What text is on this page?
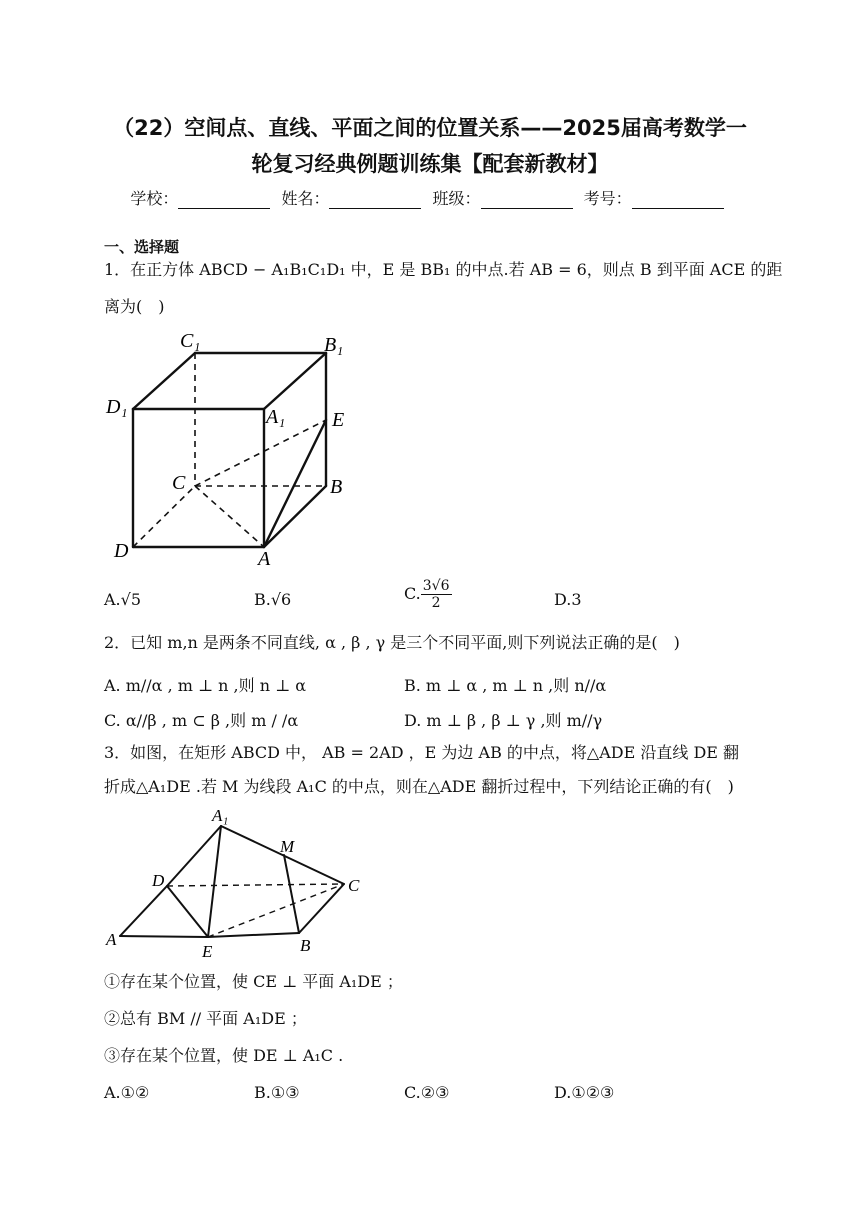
（22）空间点、直线、平面之间的位置关系——2025届高考数学一
轮复习经典例题训练集【配套新教材】
学校：	姓名：	班级：	考号：
一、选择题
1．在正方体 ABCD − A₁B₁C₁D₁ 中，E 是 BB₁ 的中点.若 AB = 6，则点 B 到平面 ACE 的距
离为(　)
C₁	B₁
D₁	A₁ E
C	B
D	A
A.√5	B.√6	C. $\frac{3√6}{2}$	D.3
2．已知 m,n 是两条不同直线, α , β , γ 是三个不同平面,则下列说法正确的是(　)
A. m//α , m ⊥ n ,则 n ⊥ α	B. m ⊥ α , m ⊥ n ,则 n//α
C. α//β , m ⊂ β ,则 m / /α	D. m ⊥ β , β ⊥ γ ,则 m//γ
3．如图，在矩形 ABCD 中， AB = 2AD ，E 为边 AB 的中点，将△ADE 沿直线 DE 翻
折成△A₁DE .若 M 为线段 A₁C 的中点，则在△ADE 翻折过程中，下列结论正确的有(　)
A₁
M
D	C
A
E	B
①存在某个位置，使 CE ⊥ 平面 A₁DE ；
②总有 BM // 平面 A₁DE ；
③存在某个位置，使 DE ⊥ A₁C .
A.①②	B.①③	C.②③	D.①②③
